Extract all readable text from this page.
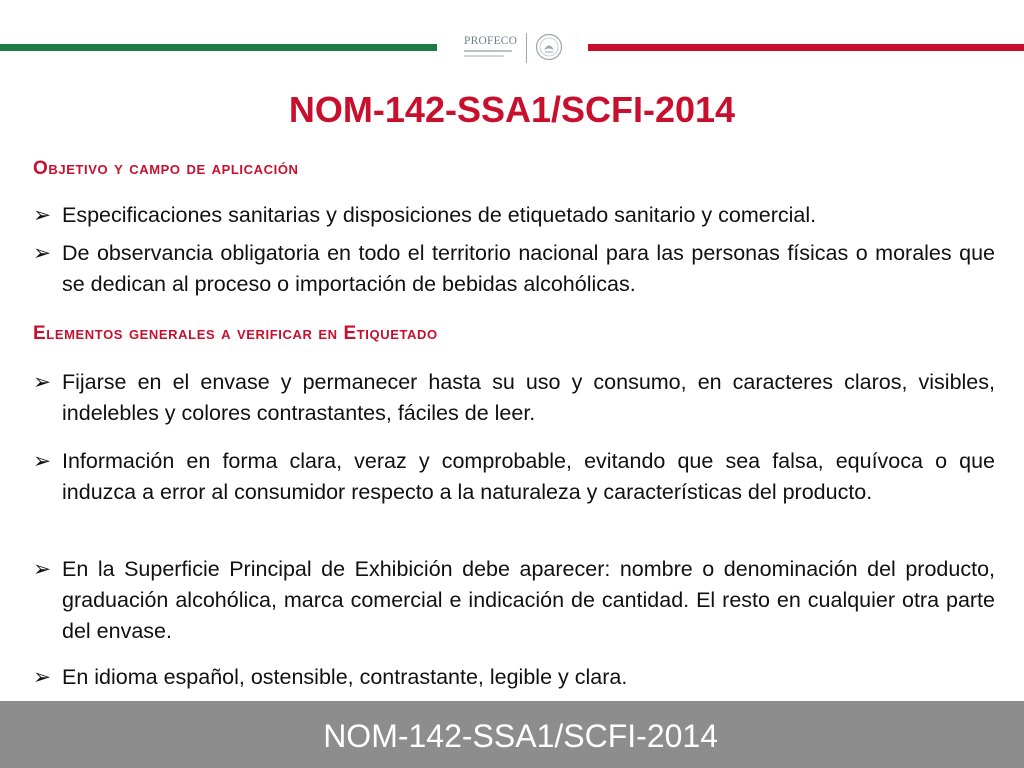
PROFECO
NOM-142-SSA1/SCFI-2014
Objetivo y campo de aplicación
➢ Especificaciones sanitarias y disposiciones de etiquetado sanitario y comercial.
➢ De observancia obligatoria en todo el territorio nacional para las personas físicas o morales que se dedican al proceso o importación de bebidas alcohólicas.
Elementos generales a verificar en Etiquetado
➢ Fijarse en el envase y permanecer hasta su uso y consumo, en caracteres claros, visibles, indelebles y colores contrastantes, fáciles de leer.
➢ Información en forma clara, veraz y comprobable, evitando que sea falsa, equívoca o que induzca a error al consumidor respecto a la naturaleza y características del producto.
➢ En la Superficie Principal de Exhibición debe aparecer: nombre o denominación del producto, graduación alcohólica, marca comercial e indicación de cantidad. El resto en cualquier otra parte del envase.
➢ En idioma español, ostensible, contrastante, legible y clara.
NOM-142-SSA1/SCFI-2014
